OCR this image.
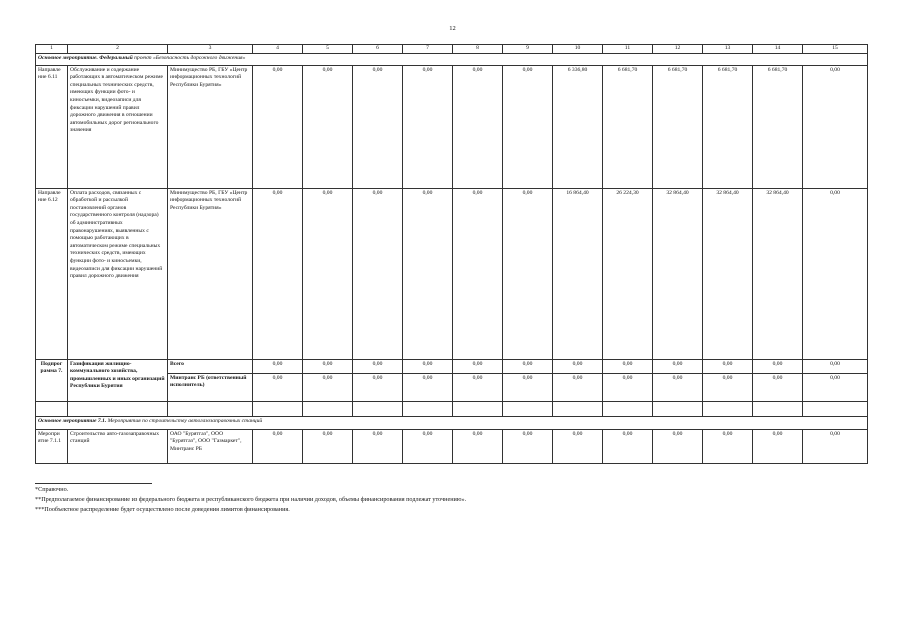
12
1	2	3	4	5	6	7	8	9	10	11	12	13	14	15
Основное мероприятие. Федеральный проект «Безопасность дорожного движения»														
Направле ние 6.11	Обслуживание и содержание работающих в автоматическом режиме специальных технических средств, имеющих функции фото- и киносъемки, видеозаписи для фиксации нарушений правил дорожного движения в отношении автомобильных дорог регионального значения	Минимущество РБ, ГБУ «Центр информационных технологий Республики Бурятия»	0,00	0,00	0,00	0,00	0,00	0,00	6 336,80	6 681,70	6 681,70	6 681,70	6 681,70	0,00
Направле ние 6.12	Оплата расходов, связанных с обработкой и рассылкой постановлений органов государственного контроля (надзора) об административных правонарушениях, выявленных с помощью работающих в автоматическом режиме специальных технических средств, имеющих функции фото- и киносъемки, видеозаписи для фиксации нарушений правил дорожного движения	Минимущество РБ, ГБУ «Центр информационных технологий Республики Бурятия»	0,00	0,00	0,00	0,00	0,00	0,00	16 864,40	26 224,30	32 864,40	32 864,40	32 864,40	0,00
Подпрог рамма 7.	Газификация жилищно-коммунального хозяйства, промышленных и иных организаций Республики Бурятия	Всего	0,00	0,00	0,00	0,00	0,00	0,00	0,00	0,00	0,00	0,00	0,00	0,00
		Минтранс РБ (ответственный исполнитель)	0,00	0,00	0,00	0,00	0,00	0,00	0,00	0,00	0,00	0,00	0,00	0,00

Основное мероприятие 7.1. Мероприятия по строительству автогазозаправочных станций														
Меропри ятие 7.1.1	Строительство авто-газозаправочных станций	ОАО "Бурятгаз", ООО "Бурятгаз", ООО "Газмаркет", Минтранс РБ	0,00	0,00	0,00	0,00	0,00	0,00	0,00	0,00	0,00	0,00	0,00	0,00
*Справочно.
**Предполагаемое финансирование из федерального бюджета и республиканского бюджета при наличии доходов, объемы финансирования подлежат уточнению».
***Пообъектное распределение будет осуществлено после доведения лимитов финансирования.
